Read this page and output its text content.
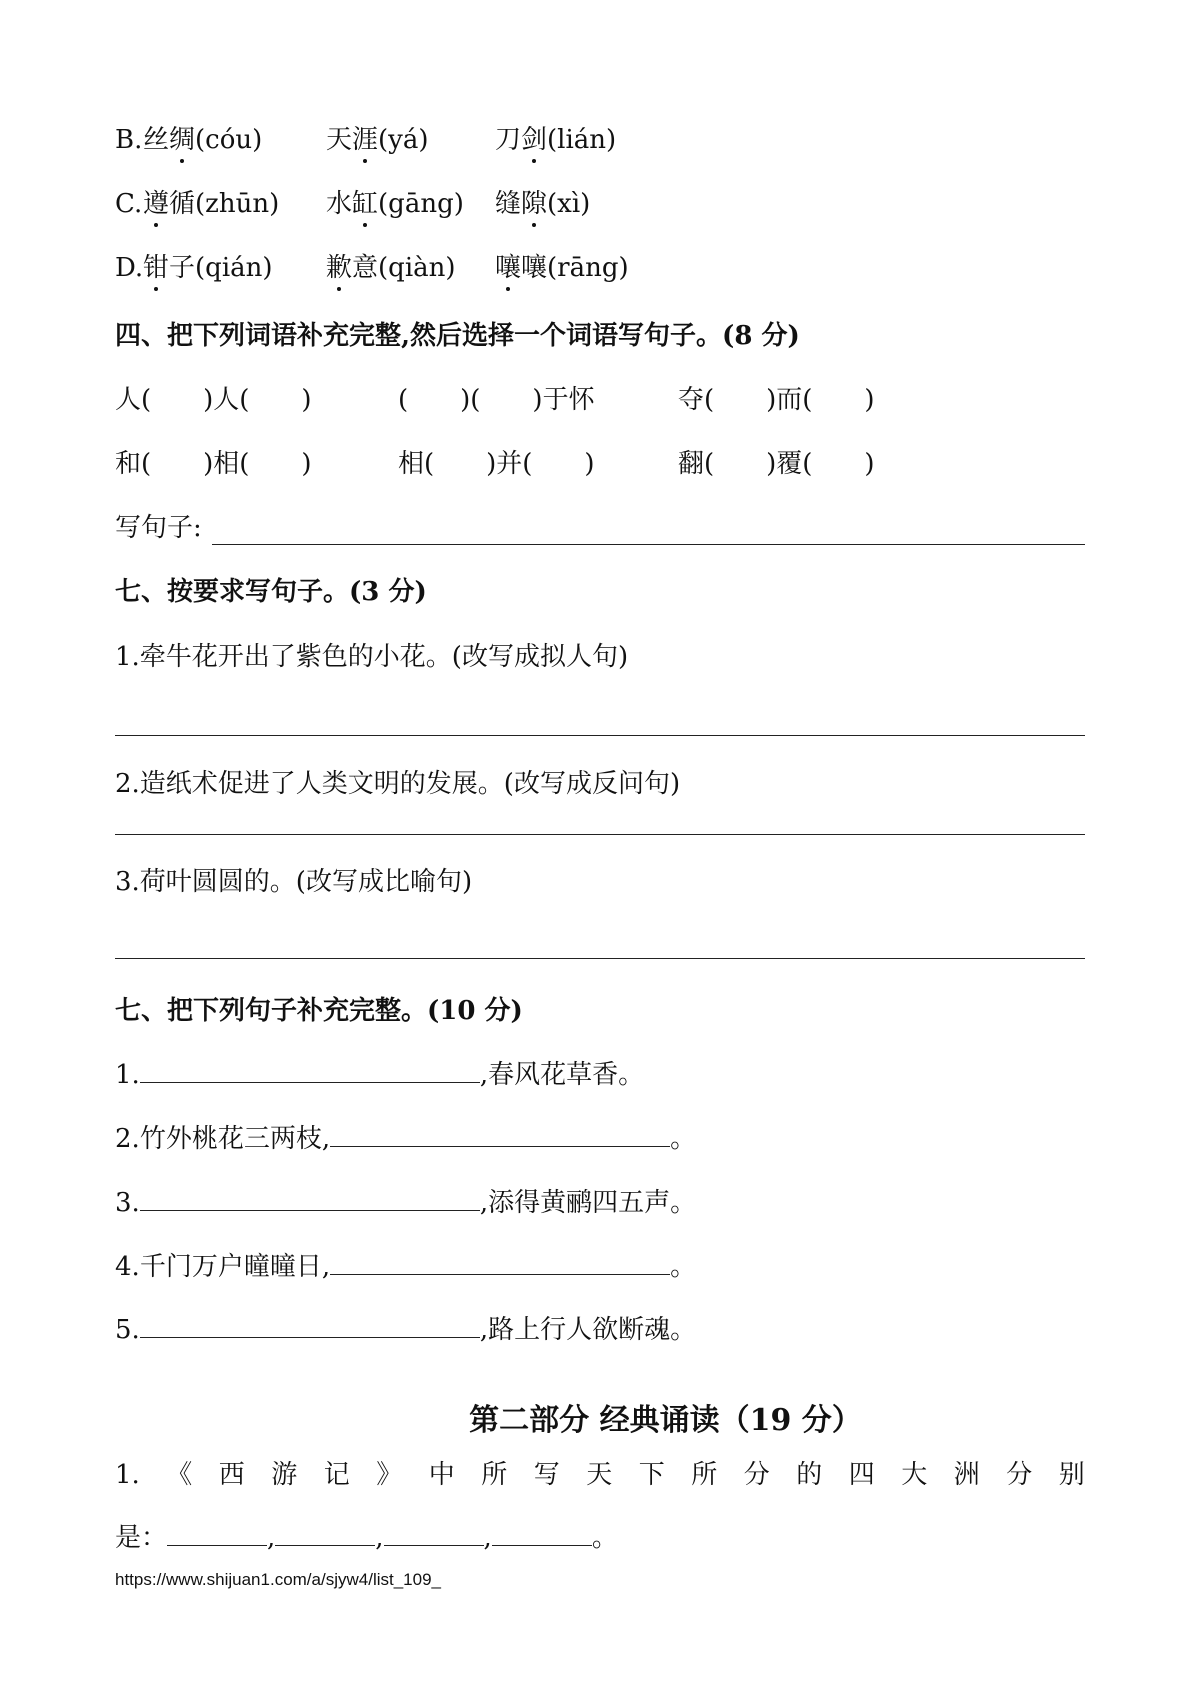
B. 丝绸(cóu) 天涯(yá)	刀剑(lián)
C. 遵循(zhūn) 水缸(gāng) 缝隙(xì)
D. 钳子(qián) 歉意(qiàn) 嚷嚷(rāng)
四、把下列词语补充完整,然后选择一个词语写句子。(8 分)
人(　　)人(　　)	(　　)(　　)于怀	夺(　　)而(　　)
和(　　)相(　　)	相(　　)并(　　)	翻(　　)覆(　　)
写句子:
七、按要求写句子。(3 分)
1.牵牛花开出了紫色的小花。(改写成拟人句)
2.造纸术促进了人类文明的发展。(改写成反问句)
3.荷叶圆圆的。(改写成比喻句)
七、把下列句子补充完整。(10 分)
1.	,春风花草香。
2.竹外桃花三两枝,	。
3.	,添得黄鹂四五声。
4.千门万户曈曈日,	。
5.	,路上行人欲断魂。
第二部分 经典诵读（19 分）
1. 《 西 游 记 》 中 所 写 天 下 所 分 的 四 大 洲 分 别
是：	,	,	,	。
https://www.shijuan1.com/a/sjyw4/list_109_
